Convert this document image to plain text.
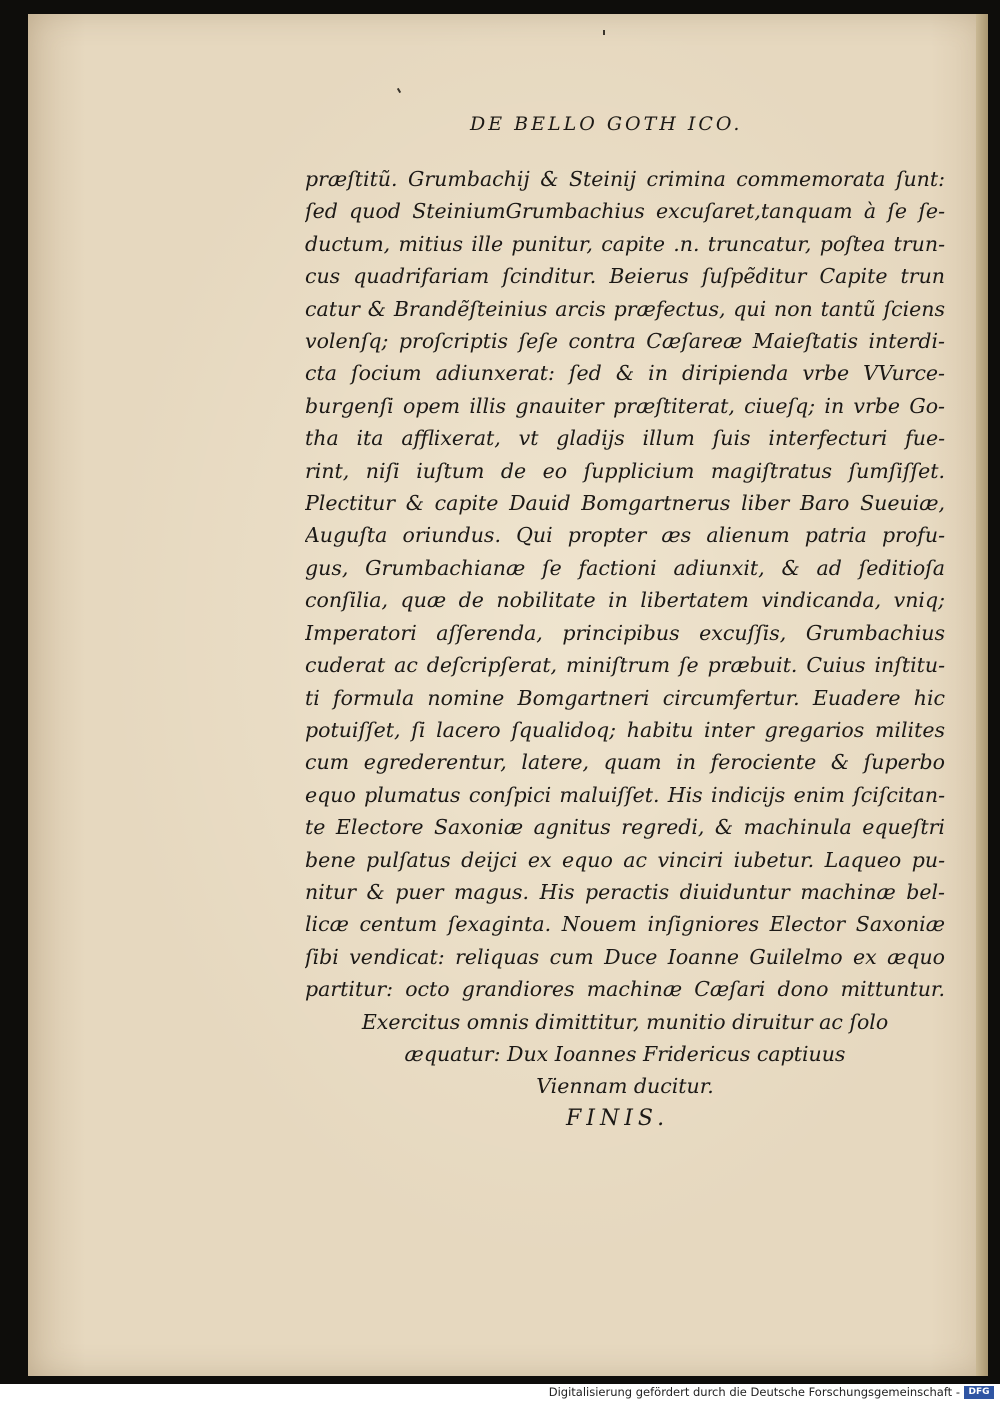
DE BELLO GOTH ICO.
præſtitũ. Grumbachij & Steinij crimina commemorata ſunt:
ſed quod SteiniumGrumbachius excuſaret,tanquam à ſe ſe-
ductum, mitius ille punitur, capite .n. truncatur, poſtea trun-
cus quadrifariam ſcinditur. Beierus ſuſpẽditur Capite trun
catur & Brandẽſteinius arcis præfectus, qui non tantũ ſciens
volenſq; proſcriptis ſeſe contra Cæſareæ Maieſtatis interdi-
cta ſocium adiunxerat: ſed & in diripienda vrbe VVurce-
burgenſi opem illis gnauiter præſtiterat, ciueſq; in vrbe Go-
tha ita afflixerat, vt gladijs illum ſuis interfecturi fue-
rint, niſi iuſtum de eo ſupplicium magiſtratus ſumſiſſet.
Plectitur & capite Dauid Bomgartnerus liber Baro Sueuiæ,
Auguſta oriundus. Qui propter æs alienum patria profu-
gus, Grumbachianæ ſe factioni adiunxit, & ad ſeditioſa
conſilia, quæ de nobilitate in libertatem vindicanda, vniq;
Imperatori aſſerenda, principibus excuſſis, Grumbachius
cuderat ac deſcripſerat, miniſtrum ſe præbuit. Cuius inſtitu-
ti formula nomine Bomgartneri circumfertur. Euadere hic
potuiſſet, ſi lacero ſqualidoq; habitu inter gregarios milites
cum egrederentur, latere, quam in ferociente & ſuperbo
equo plumatus conſpici maluiſſet. His indicijs enim ſciſcitan-
te Electore Saxoniæ agnitus regredi, & machinula equeſtri
bene pulſatus deijci ex equo ac vinciri iubetur. Laqueo pu-
nitur & puer magus. His peractis diuiduntur machinæ bel-
licæ centum ſexaginta. Nouem inſigniores Elector Saxoniæ
ſibi vendicat: reliquas cum Duce Ioanne Guilelmo ex æquo
partitur: octo grandiores machinæ Cæſari dono mittuntur.
Exercitus omnis dimittitur, munitio diruitur ac ſolo
æquatur: Dux Ioannes Fridericus captiuus
Viennam ducitur.
FINIS.
Digitalisierung gefördert durch die Deutsche Forschungsgemeinschaft - DFG
